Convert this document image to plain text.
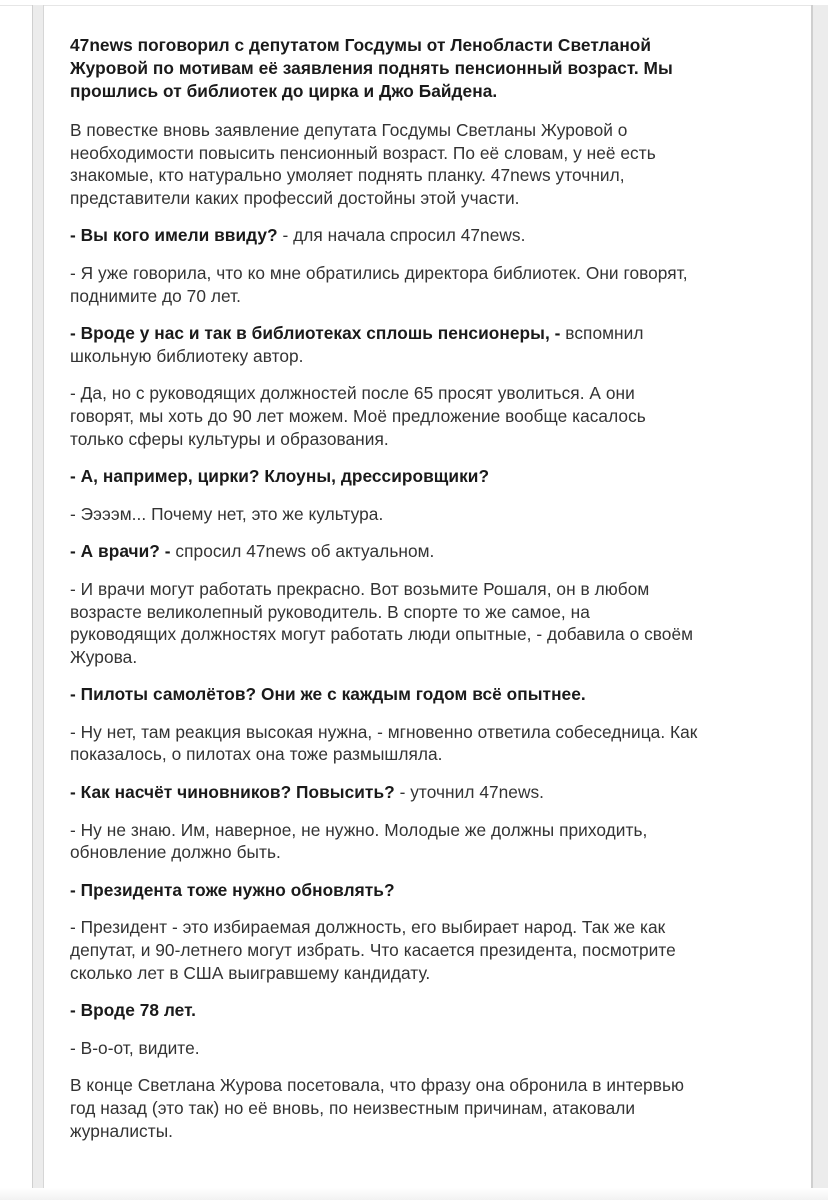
47news поговорил с депутатом Госдумы от Ленобласти Светланой
Журовой по мотивам её заявления поднять пенсионный возраст. Мы
прошлись от библиотек до цирка и Джо Байдена.

В повестке вновь заявление депутата Госдумы Светланы Журовой о
необходимости повысить пенсионный возраст. По её словам, у неё есть
знакомые, кто натурально умоляет поднять планку. 47news уточнил,
представители каких профессий достойны этой участи.

- Вы кого имели ввиду? - для начала спросил 47news.

- Я уже говорила, что ко мне обратились директора библиотек. Они говорят,
поднимите до 70 лет.

- Вроде у нас и так в библиотеках сплошь пенсионеры, - вспомнил
школьную библиотеку автор.

- Да, но с руководящих должностей после 65 просят уволиться. А они
говорят, мы хоть до 90 лет можем. Моё предложение вообще касалось
только сферы культуры и образования.

- А, например, цирки? Клоуны, дрессировщики?

- Ээээм... Почему нет, это же культура.

- А врачи? - спросил 47news об актуальном.

- И врачи могут работать прекрасно. Вот возьмите Рошаля, он в любом
возрасте великолепный руководитель. В спорте то же самое, на
руководящих должностях могут работать люди опытные, - добавила о своём
Журова.

- Пилоты самолётов? Они же с каждым годом всё опытнее.

- Ну нет, там реакция высокая нужна, - мгновенно ответила собеседница. Как
показалось, о пилотах она тоже размышляла.

- Как насчёт чиновников? Повысить? - уточнил 47news.

- Ну не знаю. Им, наверное, не нужно. Молодые же должны приходить,
обновление должно быть.

- Президента тоже нужно обновлять?

- Президент - это избираемая должность, его выбирает народ. Так же как
депутат, и 90-летнего могут избрать. Что касается президента, посмотрите
сколько лет в США выигравшему кандидату.

- Вроде 78 лет.

- В-о-от, видите.

В конце Светлана Журова посетовала, что фразу она обронила в интервью
год назад (это так) но её вновь, по неизвестным причинам, атаковали
журналисты.
